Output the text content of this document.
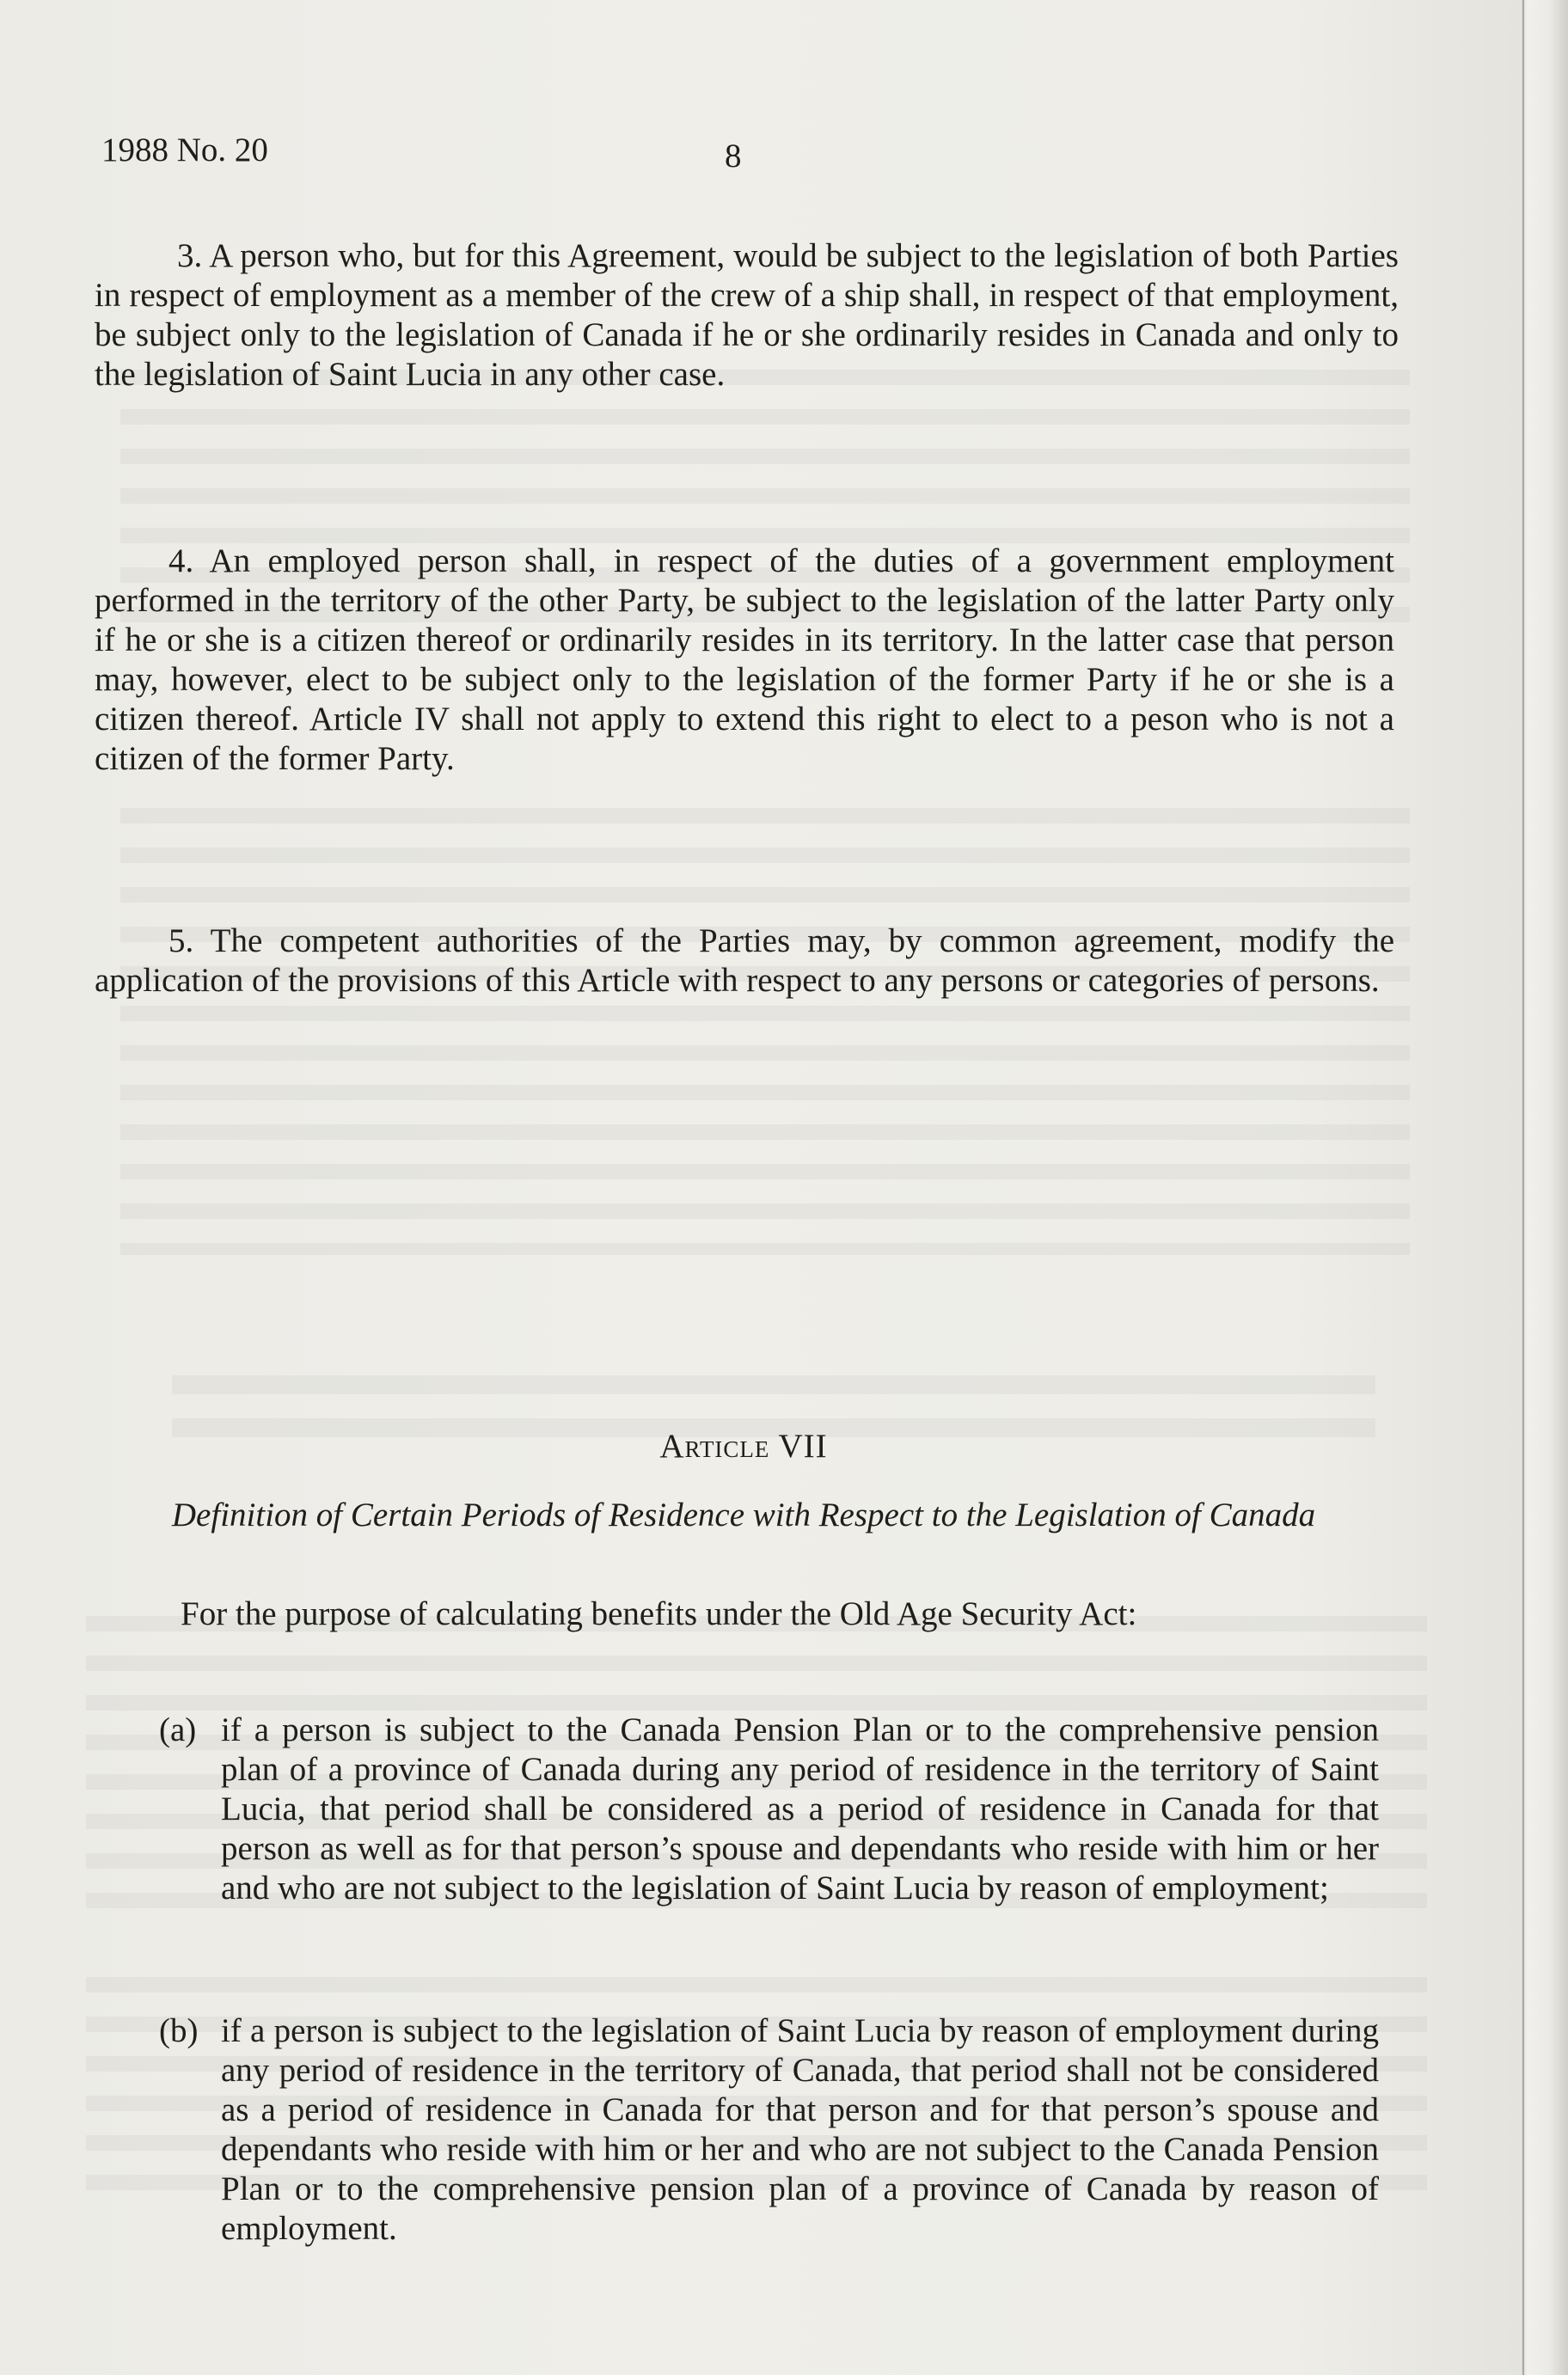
1988 No. 20	8
3. A person who, but for this Agreement, would be subject to the legislation of both Parties in respect of employment as a member of the crew of a ship shall, in respect of that employment, be subject only to the legislation of Canada if he or she ordinarily resides in Canada and only to the legislation of Saint Lucia in any other case.
4. An employed person shall, in respect of the duties of a government employment performed in the territory of the other Party, be subject to the legislation of the latter Party only if he or she is a citizen thereof or ordinarily resides in its territory. In the latter case that person may, however, elect to be subject only to the legislation of the former Party if he or she is a citizen thereof. Article IV shall not apply to extend this right to elect to a peson who is not a citizen of the former Party.
5. The competent authorities of the Parties may, by common agreement, modify the application of the provisions of this Article with respect to any persons or categories of persons.
Article VII
Definition of Certain Periods of Residence with Respect to the Legislation of Canada
For the purpose of calculating benefits under the Old Age Security Act:
(a) if a person is subject to the Canada Pension Plan or to the comprehensive pension plan of a province of Canada during any period of residence in the territory of Saint Lucia, that period shall be considered as a period of residence in Canada for that person as well as for that person’s spouse and dependants who reside with him or her and who are not subject to the legislation of Saint Lucia by reason of employment;
(b) if a person is subject to the legislation of Saint Lucia by reason of employment during any period of residence in the territory of Canada, that period shall not be considered as a period of residence in Canada for that person and for that person’s spouse and dependants who reside with him or her and who are not subject to the Canada Pension Plan or to the comprehensive pension plan of a province of Canada by reason of employment.
